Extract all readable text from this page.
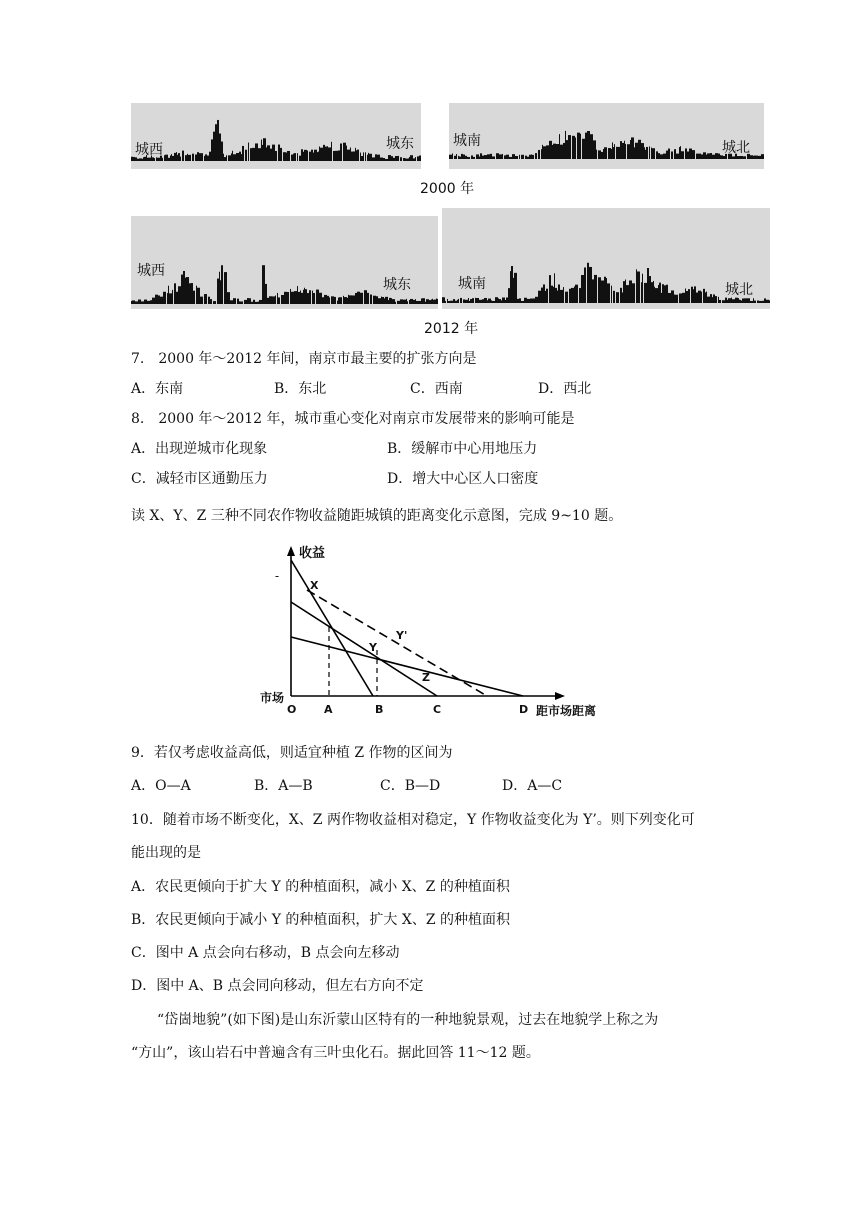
城西	城东	城南	城北
2000 年
城西
城东	城南	城北
2012 年
7.　2000 年～2012 年间，南京市最主要的扩张方向是
A．东南	B．东北	C．西南	D．西北
8.　2000 年～2012 年，城市重心变化对南京市发展带来的影响可能是
A．出现逆城市化现象	B．缓解市中心用地压力
C．减轻市区通勤压力	D．增大中心区人口密度
读 X、Y、Z 三种不同农作物收益随距城镇的距离变化示意图，完成 9~10 题。
-
收益
X
Y'
Y
Z
市场
O	A	B	C	D 距市场距离
9．若仅考虑收益高低，则适宜种植 Z 作物的区间为
A．O—A	B．A—B	C．B—D	D．A—C
10．随着市场不断变化，X、Z 两作物收益相对稳定，Y 作物收益变化为 Y’。则下列变化可
能出现的是
A．农民更倾向于扩大 Y 的种植面积，减小 X、Z 的种植面积
B．农民更倾向于减小 Y 的种植面积，扩大 X、Z 的种植面积
C．图中 A 点会向右移动，B 点会向左移动
D．图中 A、B 点会同向移动，但左右方向不定
“岱崮地貌”(如下图)是山东沂蒙山区特有的一种地貌景观，过去在地貌学上称之为
“方山”，该山岩石中普遍含有三叶虫化石。据此回答 11～12 题。
